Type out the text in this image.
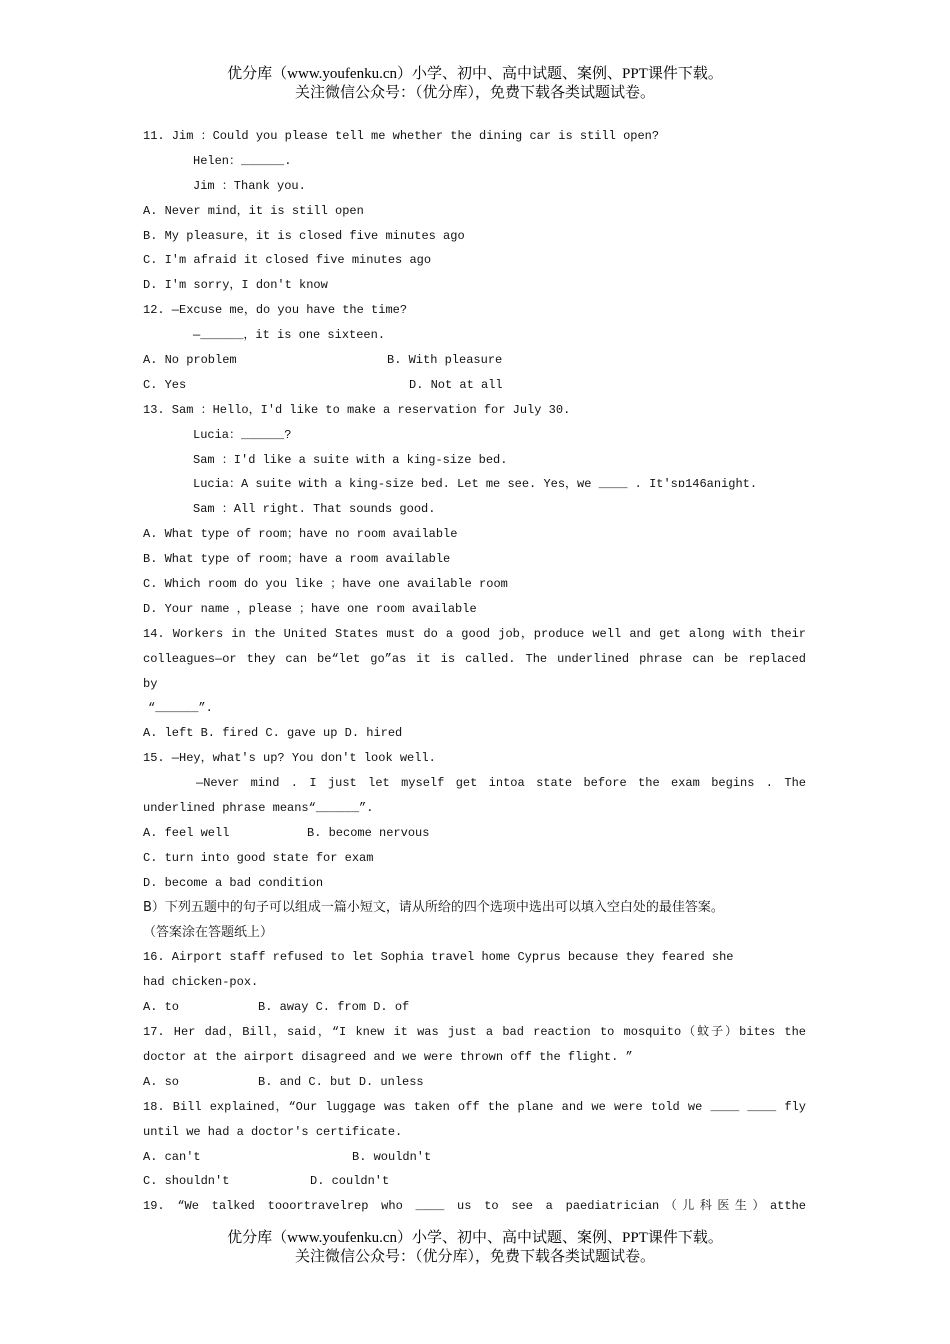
优分库（www.youfenku.cn）小学、初中、高中试题、案例、PPT课件下载。
关注微信公众号：（优分库），免费下载各类试题试卷。
11. Jim ：Could you please tell me whether the dining car is still open?
Helen：______.
Jim ：Thank you.
A. Never mind，it is still open
B. My pleasure，it is closed five minutes ago
C. I'm afraid it closed five minutes ago
D. I'm sorry，I don't know
12. —Excuse me，do you have the time?
—______，it is one sixteen.
A. No problem	B. With pleasure
C. Yes	D. Not at all
13. Sam ：Hello，I'd like to make a reservation for July 30.
Lucia：______?
Sam ：I'd like a suite with a king-size bed.
Lucia：A suite with a king-size bed. Let me see. Yes，we ____ . It'sɒ146anight.
Sam ：All right. That sounds good.
A. What type of room；have no room available
B. What type of room；have a room available
C. Which room do you like ；have one available room
D. Your name ，please ；have one room available
14. Workers in the United States must do a good job，produce well and get along with their
colleagues—or they can be“let go”as it is called. The underlined phrase can be replaced
by
“______”.
A. left B. fired C. gave up D. hired
15. —Hey，what's up? You don't look well.
—Never mind . I just let myself get intoa state before the exam begins . The
underlined phrase means“______”.
A. feel well	B. become nervous
C. turn into good state for exam
D. become a bad condition
B）下列五题中的句子可以组成一篇小短文，请从所给的四个选项中选出可以填入空白处的最佳答案。
（答案涂在答题纸上）
16. Airport staff refused to let Sophia travel home Cyprus because they feared she
had chicken-pox.
A. to	B. away C. from D. of
17. Her dad，Bill，said，“I knew it was just a bad reaction to mosquito（蚊子）bites the
doctor at the airport disagreed and we were thrown off the flight. ”
A. so	B. and C. but D. unless
18. Bill explained，“Our luggage was taken off the plane and we were told we ____ ____ fly
until we had a doctor's certificate.
A. can't	B. wouldn't
C. shouldn't	D. couldn't
19. “We talked tooortravelrep who ____ us to see a paediatrician（儿科医生）atthe
优分库（www.youfenku.cn）小学、初中、高中试题、案例、PPT课件下载。
关注微信公众号：（优分库），免费下载各类试题试卷。
